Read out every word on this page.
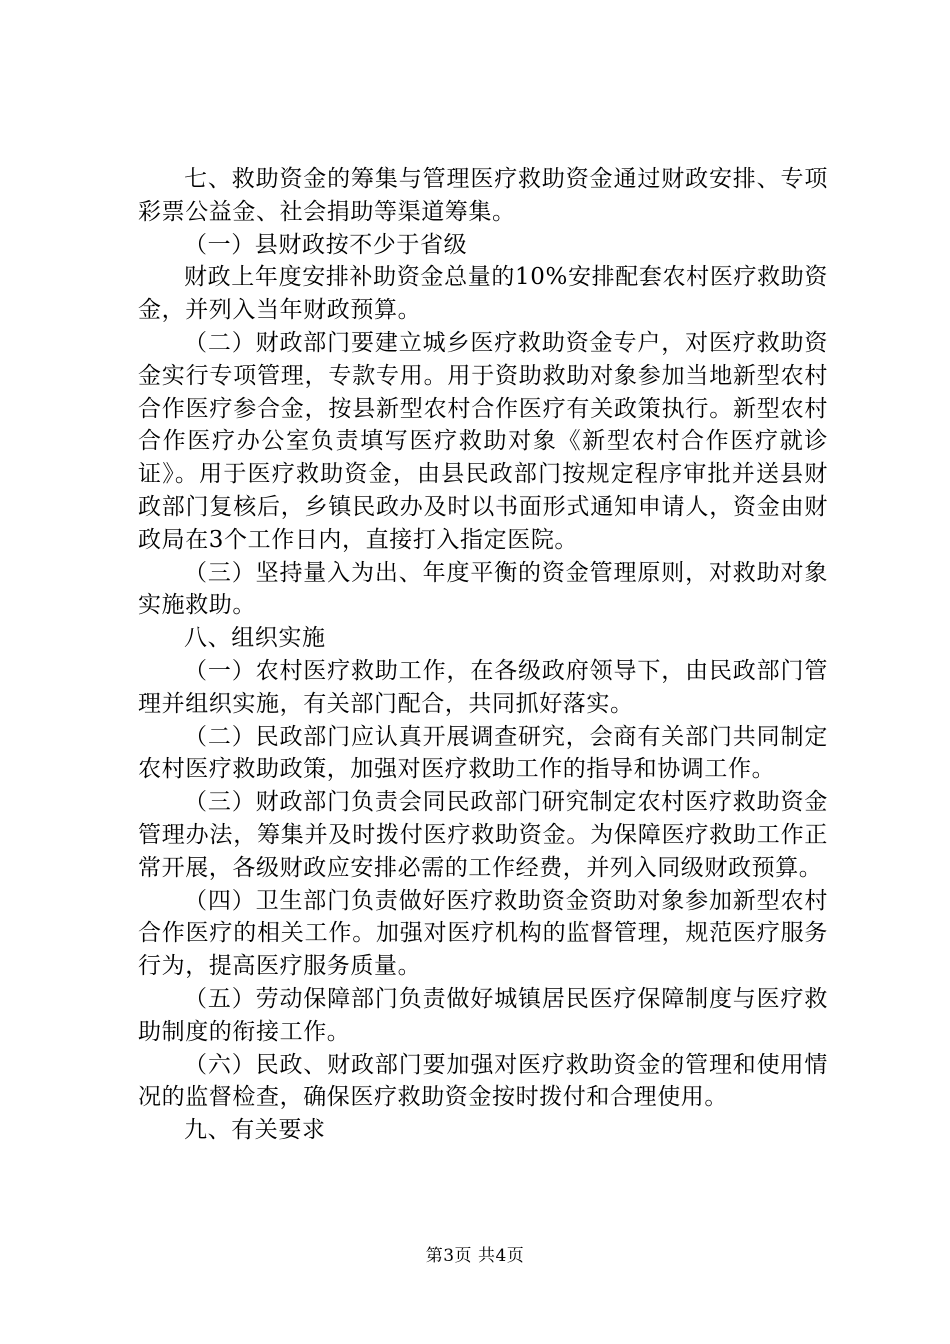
七、救助资金的筹集与管理医疗救助资金通过财政安排、专项彩票公益金、社会捐助等渠道筹集。

（一）县财政按不少于省级

财政上年度安排补助资金总量的10%安排配套农村医疗救助资金，并列入当年财政预算。

（二）财政部门要建立城乡医疗救助资金专户，对医疗救助资金实行专项管理，专款专用。用于资助救助对象参加当地新型农村合作医疗参合金，按县新型农村合作医疗有关政策执行。新型农村合作医疗办公室负责填写医疗救助对象《新型农村合作医疗就诊证》。用于医疗救助资金，由县民政部门按规定程序审批并送县财政部门复核后，乡镇民政办及时以书面形式通知申请人，资金由财政局在3个工作日内，直接打入指定医院。

（三）坚持量入为出、年度平衡的资金管理原则，对救助对象实施救助。

八、组织实施

（一）农村医疗救助工作，在各级政府领导下，由民政部门管理并组织实施，有关部门配合，共同抓好落实。

（二）民政部门应认真开展调查研究，会商有关部门共同制定农村医疗救助政策，加强对医疗救助工作的指导和协调工作。

（三）财政部门负责会同民政部门研究制定农村医疗救助资金管理办法，筹集并及时拨付医疗救助资金。为保障医疗救助工作正常开展，各级财政应安排必需的工作经费，并列入同级财政预算。

（四）卫生部门负责做好医疗救助资金资助对象参加新型农村合作医疗的相关工作。加强对医疗机构的监督管理，规范医疗服务行为，提高医疗服务质量。

（五）劳动保障部门负责做好城镇居民医疗保障制度与医疗救助制度的衔接工作。

（六）民政、财政部门要加强对医疗救助资金的管理和使用情况的监督检查，确保医疗救助资金按时拨付和合理使用。

九、有关要求

第3页 共4页
